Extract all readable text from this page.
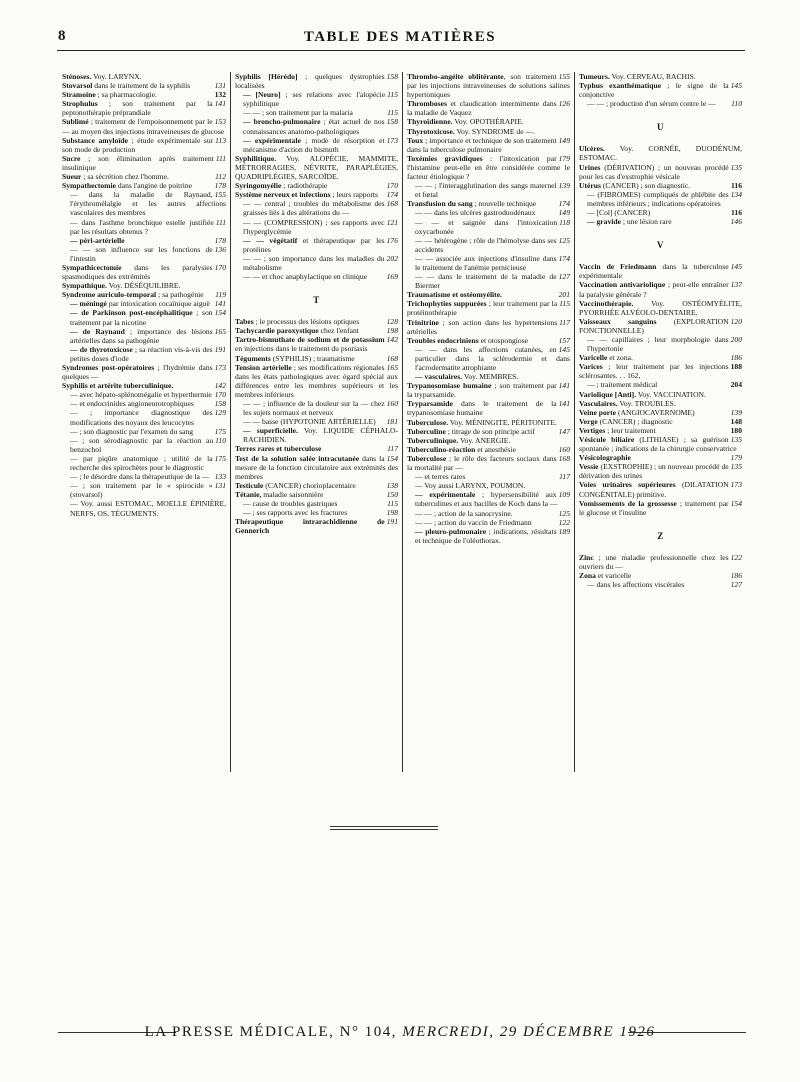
8	TABLE DES MATIÈRES

Sténoses. Voy. LARYNX.

131
Stovarsol dans le traitement de la syphilis

132
Stramoine ; sa pharmacologie.

141
Strophulus ; son traitement par la peptonothérapie préprandiale

153
Sublimé ; traitement de l'empoisonnement par le — au moyen des injections intraveineuses de glucose

113
Substance amyloïde ; étude expérimentale sur son mode de production

111
Sucre ; son élimination après traitement insulinique

112
Sueur ; sa sécrétion chez l'homme.

178
Sympathectomie dans l'angine de poitrine

155
— dans la maladie de Raynaud, l'érythromélalgie et les autres affections vasculaires des membres

111
— dans l'asthme bronchique estelle justifiée par les résultats obtenus ?

178
— péri-artérielle

136
— — son influence sur les fonctions de l'intestin

170
Sympathicectomie dans les paralysies spasmodiques des extrémités

Sympathique. Voy. DÉSÉQUILIBRE.

119
Syndrome auriculo-temporal ; sa pathogénie

141
— méningé par intoxication cocaïnique aiguë

154
— de Parkinson post-encéphalitique ; son traitement par la nicotine

165
— de Raynaud ; importance des lésions artérielles dans sa pathogénie

191
— de thyrotoxicose ; sa réaction vis-à-vis des petites doses d'iode

173
Syndromes post-opératoires ; l'hydrémie dans quelques —

142
Syphilis et artérite tuberculinique.

170
— avec hépato-splénomégalie et hyperthermie

158
— et endocrinides angioneurotrophiques

129
— ; importance diagnostique des modifications des noyaux des leucocytes

175
— ; son diagnostic par l'examen du sang

110
— ; son sérodiagnostic par la réaction au benzochol

175
— par piqûre anatomique ; utilité de la recherche des spirochètes pour le diagnostic

133
— ; le désordre dans la thérapeutique de la —

131
— ; son traitement par le « spirocide » (stovarsol)

— Voy. aussi ESTOMAC, MOELLE ÉPINIÈRE, NERFS, OS, TÉGUMENTS.

158
Syphilis [Hérédo] ; quelques dystrophies localisées

115
— [Neuro] ; ses relations avec l'alopécie syphilitique

115
— — ; son traitement par la malaria

158
— broncho-pulmonaire ; état actuel de nos connaissances anatomo-pathologiques

173
— expérimentale ; mode de résorption et mécanisme d'action du bismuth

Syphilitique. Voy. ALOPÉCIE, MAMMITE, MÉTRORRAGIES, NÉVRITE, PARAPLÉGIES, QUADRIPLÉGIES, SARCOÏDE.

170
Syringomyélie ; radiothérapie

174
Système nerveux et infections ; leurs rapports

168
— — central ; troubles du métabolisme des graisses liés à des altérations du —

121
— — (COMPRESSION) ; ses rapports avec l'hyperglycémie

176
— — végétatif et thérapeutique par les protéines

202
— — ; son importance dans les maladies du métabolisme

169
— — et choc anaphylactique en clinique

T

128
Tabes ; le processus des lésions optiques

198
Tachycardie paroxystique chez l'enfant

142
Tartro-bismuthate de sodium et de potassium en injections dans le traitement du psoriasis

168
Téguments (SYPHILIS) ; traumatisme

165
Tension artérielle ; ses modifications régionales dans les états pathologiques avec égard spécial aux différences entre les membres supérieurs et les membres inférieurs

160
— — ; influence de la douleur sur la — chez les sujets normaux et nerveux

181
— — basse (HYPOTONIE ARTÉRIELLE)

— superficielle. Voy. LIQUIDE CÉPHALO-RACHIDIEN.

117
Terres rares et tuberculose

154
Test de la solution salée intracutanée dans la mesure de la fonction circulatoire aux extrémités des membres

138
Testicule (CANCER) chorioplacentaire

150
Tétanie, maladie saisonnière

115
— cause de troubles gastriques

198
— ; ses rapports avec les fractures

191
Thérapeutique intrarachidienne de Gennerich

155
Thrombo-angéite oblitérante, son traitement par les injections intraveineuses de solutions salines hypertoniques

126
Thromboses et claudication intermittente dans la maladie de Vaquez

Thyroïdienne. Voy. OPOTHÉRAPIE.

Thyrotoxicose. Voy. SYNDROME de —.

149
Toux ; importance et technique de son traitement dans la tuberculose pulmonaire

179
Toxémies gravidiques : l'intoxication par l'histamine peut-elle en être considérée comme le facteur étiologique ?

139
— — ; l'interagglutination des sangs maternel et fœtal

174
Transfusion du sang ; nouvelle technique

149
— — dans les ulcères gastroduodénaux

118
— — et saignée dans l'intoxication oxycarbonée

125
— — hétérogène ; rôle de l'hémolyse dans ses accidents

174
— — associée aux injections d'insuline dans le traitement de l'anémie pernicieuse

127
— — dans le traitement de la maladie de Biermer

201
Traumatisme et ostéomyélite.

115
Trichophyties suppurées ; leur traitement par la protéinothérapie

117
Trinitrine ; son action dans les hypertensions artérielles

157
Troubles endocriniens et otospongiose

145
— — dans les affections cutanées, en particulier dans la sclérodermie et dans l'acrodermatite atrophiante

— vasculaires. Voy. MEMBRES.

141
Trypanosomiase humaine ; son traitement par la tryparsamide.

141
Tryparsamide dans le traitement de la trypanosomiase humaine

Tuberculose. Voy. MÉNINGITE, PÉRITONITE.

147
Tuberculine ; titrage de son principe actif

Tuberculinique. Voy. ANERGIE.

160
Tuberculino-réaction et anesthésie

168
Tuberculose ; le rôle des facteurs sociaux dans la mortalité par —

117
— et terres rares

— Voy aussi LARYNX, POUMON.

109
— expérimentale ; hypersensibilité aux tuberculines et aux bacilles de Koch dans la —

125
— — ; action de la sanocrysine.

122
— — ; action du vaccin de Friedmann

189
— pleuro-pulmonaire ; indications, résultats et technique de l'oléothorax.

Tumeurs. Voy. CERVEAU, RACHIS.

145
Typhus exanthématique ; le signe de la conjonctive

110
— — ; production d'un sérum contre le —

U

Ulcères. Voy. CORNÉE, DUODÉNUM, ESTOMAC.

135
Urines (DÉRIVATION) ; un nouveau procédé pour les cas d'exstrophie vésicale

116
Utérus (CANCER) ; son diagnostic.

134
— (FIBROMES) compliqués de phlébite des membres inférieurs ; indications opératoires

116
— [Col] (CANCER)

146
— gravide ; une lésion rare

V

145
Vaccin de Friedmann dans la tuberculose expérimentale

137
Vaccination antivariolique ; peut-elle entraîner la paralysie générale ?

Vaccinothérapie. Voy. OSTÉOMYÉLITE, PYORRHÉE ALVÉOLO-DENTAIRE.

120
Vaisseaux sanguins (EXPLORATION FONCTIONNELLE)

200
— — capillaires ; leur morphologie dans l'hypertonie

186
Varicelle et zona.

188
Varices ; leur traitement par les injections sclérosantes. . . 162,

204
— ; traitement médical

Variolique [Anti]. Voy. VACCINATION.

Vasculaires. Voy. TROUBLES.

139
Veine porte (ANGIOCAVERNOME)

148
Verge (CANCER) ; diagnostic

180
Vertiges ; leur traitement

135
Vésicule biliaire (LITHIASE) ; sa guérison spontanée ; indications de la chirurgie conservatrice

179
Vésicolographie

135
Vessie (EXSTROPHIE) ; un nouveau procédé de dérivation des urines

173
Voies urinaires supérieures (DILATATION CONGÉNITALE) primitive.

154
Vomissements de la grossesse ; traitement par le glucose et l'insuline

Z

122
Zinc ; une maladie professionnelle chez les ouvriers du —

186
Zona et varicelle

127
— dans les affections viscérales

LA PRESSE MÉDICALE, N° 104, MERCREDI, 29 DÉCEMBRE 1926
